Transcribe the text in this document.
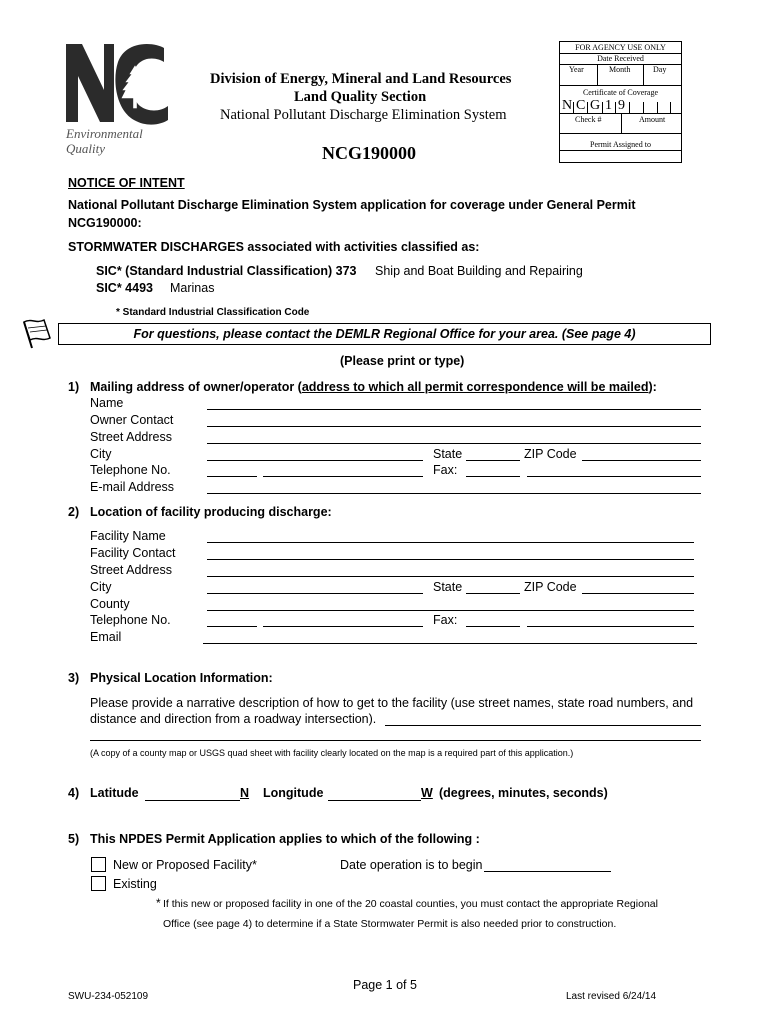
Environmental
Quality
Division of Energy, Mineral and Land Resources
Land Quality Section
National Pollutant Discharge Elimination System
NCG190000
FOR AGENCY USE ONLY
Date Received
Year	Month	Day
Certificate of Coverage
N C G 1 9
Check #	Amount
Permit Assigned to
NOTICE OF INTENT
National Pollutant Discharge Elimination System application for coverage under General Permit
NCG190000:
STORMWATER DISCHARGES associated with activities classified as:
SIC* (Standard Industrial Classification) 373 Ship and Boat Building and Repairing
SIC* 4493 Marinas
* Standard Industrial Classification Code
For questions, please contact the DEMLR Regional Office for your area. (See page 4)
(Please print or type)
1) Mailing address of owner/operator (address to which all permit correspondence will be mailed):
Name
Owner Contact
Street Address
City	State	ZIP Code
Telephone No.	Fax:
E-mail Address
2) Location of facility producing discharge:
Facility Name
Facility Contact
Street Address
City	State	ZIP Code
County
Telephone No.	Fax:
Email
3) Physical Location Information:
Please provide a narrative description of how to get to the facility (use street names, state road numbers, and
distance and direction from a roadway intersection).
(A copy of a county map or USGS quad sheet with facility clearly located on the map is a required part of this application.)
4) Latitude	N Longitude	W (degrees, minutes, seconds)
5) This NPDES Permit Application applies to which of the following :
New or Proposed Facility*	Date operation is to begin
Existing
* If this new or proposed facility in one of the 20 coastal counties, you must contact the appropriate Regional
Office (see page 4) to determine if a State Stormwater Permit is also needed prior to construction.
Page 1 of 5
SWU-234-052109	Last revised 6/24/14
